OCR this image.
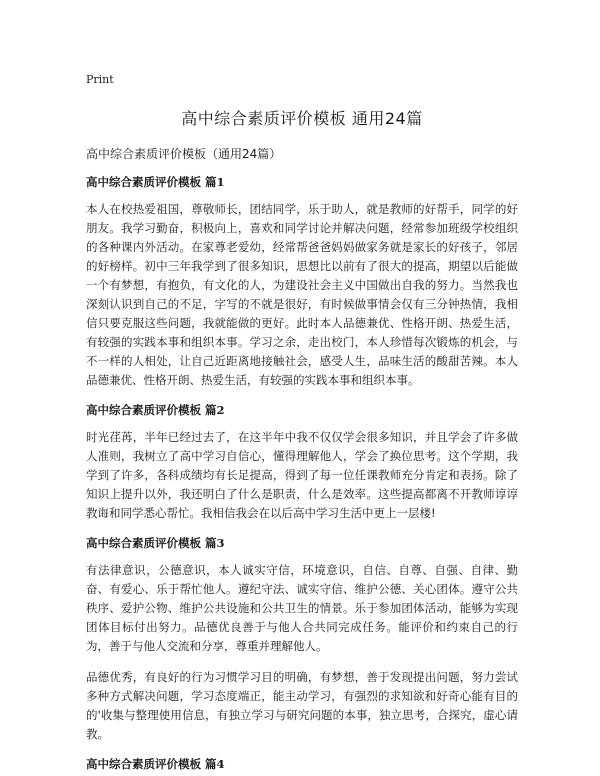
Print
高中综合素质评价模板 通用24篇

高中综合素质评价模板（通用24篇）

高中综合素质评价模板 篇1

本人在校热爱祖国，尊敬师长，团结同学，乐于助人，就是教师的好帮手，同学的好朋友。我学习勤奋，积极向上，喜欢和同学讨论并解决问题，经常参加班级学校组织的各种课内外活动。在家尊老爱幼，经常帮爸爸妈妈做家务就是家长的好孩子，邻居的好榜样。初中三年我学到了很多知识，思想比以前有了很大的提高，期望以后能做一个有梦想，有抱负，有文化的人，为建设社会主义中国做出自我的努力。当然我也深刻认识到自己的不足，字写的不就是很好，有时候做事情会仅有三分钟热情，我相信只要克服这些问题，我就能做的更好。此时本人品德兼优、性格开朗、热爱生活，有较强的实践本事和组织本事。学习之余，走出校门，本人珍惜每次锻炼的机会，与不一样的人相处，让自己近距离地接触社会，感受人生，品味生活的酸甜苦辣。本人品德兼优、性格开朗、热爱生活，有较强的实践本事和组织本事。

高中综合素质评价模板 篇2

时光荏苒，半年已经过去了，在这半年中我不仅仅学会很多知识，并且学会了许多做人准则，我树立了高中学习自信心，懂得理解他人，学会了换位思考。这个学期，我学到了许多，各科成绩均有长足提高，得到了每一位任课教师充分肯定和表扬。除了知识上提升以外，我还明白了什么是职责，什么是效率。这些提高都离不开教师谆谆教诲和同学悉心帮忙。我相信我会在以后高中学习生活中更上一层楼!

高中综合素质评价模板 篇3

有法律意识，公德意识，本人诚实守信，环境意识，自信、自尊、自强、自律、勤奋、有爱心、乐于帮忙他人。遵纪守法、诚实守信、维护公德、关心团体。遵守公共秩序、爱护公物、维护公共设施和公共卫生的情景。乐于参加团体活动，能够为实现团体目标付出努力。品德优良善于与他人合共同完成任务。能评价和约束自己的行为，善于与他人交流和分享，尊重并理解他人。

品德优秀，有良好的行为习惯学习目的明确，有梦想，善于发现提出问题，努力尝试多种方式解决问题，学习态度端正，能主动学习，有强烈的求知欲和好奇心能有目的的'收集与整理使用信息，有独立学习与研究问题的本事，独立思考，合探究，虚心请教。

高中综合素质评价模板 篇4
